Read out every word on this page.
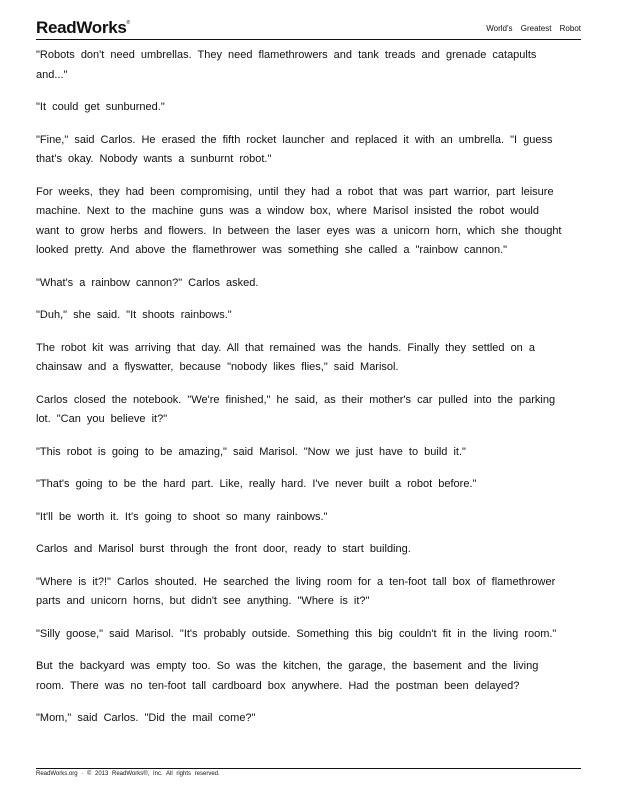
ReadWorks®
World's Greatest Robot

"Robots don't need umbrellas. They need flamethrowers and tank treads and grenade catapults and..."

"It could get sunburned."

"Fine," said Carlos. He erased the fifth rocket launcher and replaced it with an umbrella. "I guess that's okay. Nobody wants a sunburnt robot."

For weeks, they had been compromising, until they had a robot that was part warrior, part leisure machine. Next to the machine guns was a window box, where Marisol insisted the robot would want to grow herbs and flowers. In between the laser eyes was a unicorn horn, which she thought looked pretty. And above the flamethrower was something she called a "rainbow cannon."

"What's a rainbow cannon?" Carlos asked.

"Duh," she said. "It shoots rainbows."

The robot kit was arriving that day. All that remained was the hands. Finally they settled on a chainsaw and a flyswatter, because "nobody likes flies," said Marisol.

Carlos closed the notebook. "We're finished," he said, as their mother's car pulled into the parking lot. "Can you believe it?"

"This robot is going to be amazing," said Marisol. "Now we just have to build it."

"That's going to be the hard part. Like, really hard. I've never built a robot before."

"It'll be worth it. It's going to shoot so many rainbows."

Carlos and Marisol burst through the front door, ready to start building.

"Where is it?!" Carlos shouted. He searched the living room for a ten-foot tall box of flamethrower parts and unicorn horns, but didn't see anything. "Where is it?"

"Silly goose," said Marisol. "It's probably outside. Something this big couldn't fit in the living room."

But the backyard was empty too. So was the kitchen, the garage, the basement and the living room. There was no ten-foot tall cardboard box anywhere. Had the postman been delayed?

"Mom," said Carlos. "Did the mail come?"

ReadWorks.org · © 2013 ReadWorks®, Inc. All rights reserved.
